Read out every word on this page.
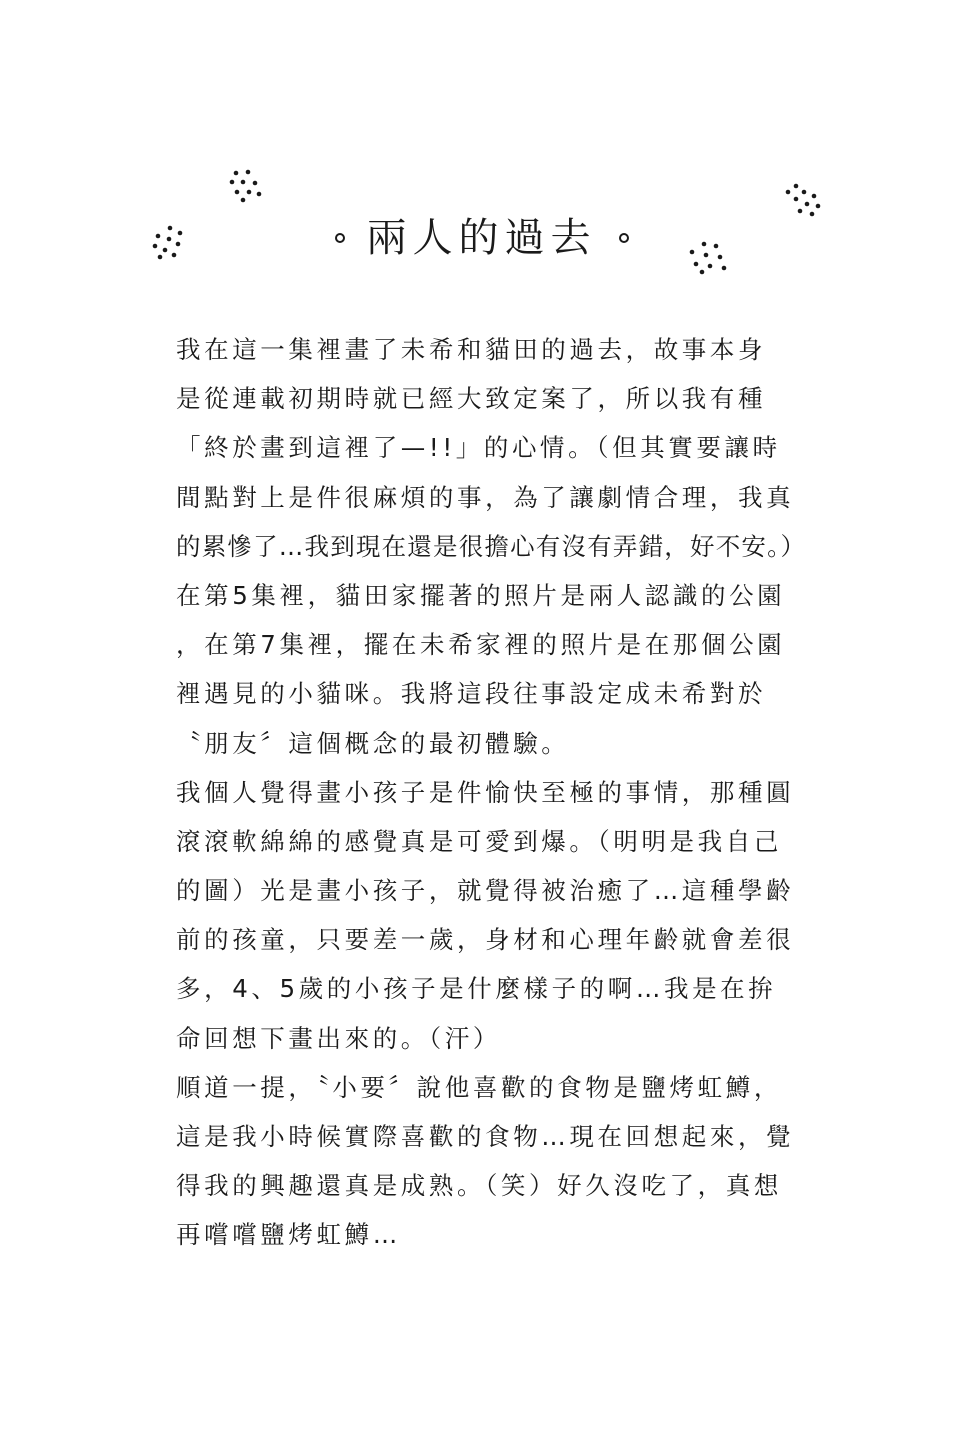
兩人的過去
我在這一集裡畫了未希和貓田的過去，故事本身
是從連載初期時就已經大致定案了，所以我有種
「終於畫到這裡了—!!」的心情。（但其實要讓時
間點對上是件很麻煩的事，為了讓劇情合理，我真
的累慘了…我到現在還是很擔心有沒有弄錯，好不安。）
在第5集裡，貓田家擺著的照片是兩人認識的公園
，在第7集裡，擺在未希家裡的照片是在那個公園
裡遇見的小貓咪。我將這段往事設定成未希對於
〝朋友〞這個概念的最初體驗。
我個人覺得畫小孩子是件愉快至極的事情，那種圓
滾滾軟綿綿的感覺真是可愛到爆。（明明是我自己
的圖）光是畫小孩子，就覺得被治癒了…這種學齡
前的孩童，只要差一歲，身材和心理年齡就會差很
多，4、5歲的小孩子是什麼樣子的啊…我是在拚
命回想下畫出來的。（汗）
順道一提，〝小要〞說他喜歡的食物是鹽烤虹鱒，
這是我小時候實際喜歡的食物…現在回想起來，覺
得我的興趣還真是成熟。（笑）好久沒吃了，真想
再嚐嚐鹽烤虹鱒…
